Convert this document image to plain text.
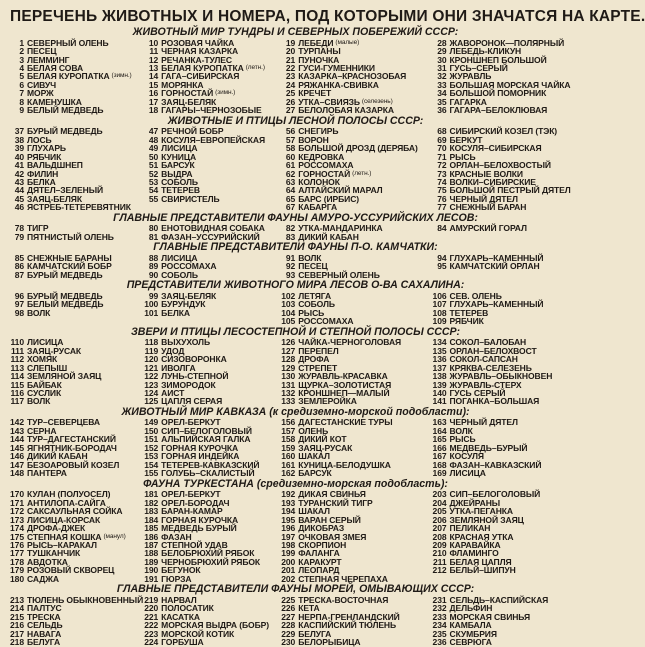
ПЕРЕЧЕНЬ ЖИВОТНЫХ И НОМЕРА, ПОД КОТОРЫМИ ОНИ ЗНАЧАТСЯ НА КАРТЕ.
ЖИВОТНЫЙ МИР ТУНДРЫ И СЕВЕРНЫХ ПОБЕРЕЖИЙ СССР:
1 СЕВЕРНЫЙ ОЛЕНЬ
2 ПЕСЕЦ
3 ЛЕММИНГ
4 БЕЛАЯ СОВА
5 БЕЛАЯ КУРОПАТКА (зимн.)
6 СИВУЧ
7 МОРЖ
8 КАМЕНУШКА
9 БЕЛЫЙ МЕДВЕДЬ
10 РОЗОВАЯ ЧАЙКА
11 ЧЕРНАЯ КАЗАРКА
12 РЕЧАНКА-ТУЛЕС
13 БЕЛАЯ КУРОПАТКА (летн.)
14 ГАГА–СИБИРСКАЯ
15 МОРЯНКА
16 ГОРНОСТАЙ (зимн.)
17 ЗАЯЦ-БЕЛЯК
18 ГАГАРЫ–ЧЕРНОЗОБЫЕ
19 ЛЕБЕДИ (малые)
20 ТУРПАНЫ
21 ПУНОЧКА
22 ГУСИ-ГУМЕННИКИ
23 КАЗАРКА–КРАСНОЗОБАЯ
24 РЯЖАНКА-СВИВКА
25 КРЕЧЕТ
26 УТКА–СВИЯЗЬ (селезень)
27 БЕЛОЛОБАЯ КАЗАРКА
28 ЖАВОРОНОК—ПОЛЯРНЫЙ
29 ЛЕБЕДЬ-КЛИКУН
30 КРОНШНЕП БОЛЬШОЙ
31 ГУСЬ–СЕРЫЙ
32 ЖУРАВЛЬ
33 БОЛЬШАЯ МОРСКАЯ ЧАЙКА
34 БОЛЬШОЙ ПОМОРНИК
35 ГАГАРКА
36 ГАГАРА–БЕЛОКЛЮВАЯ
ЖИВОТНЫЕ И ПТИЦЫ ЛЕСНОЙ ПОЛОСЫ СССР:
37 БУРЫЙ МЕДВЕДЬ
38 ЛОСЬ
39 ГЛУХАРЬ
40 РЯБЧИК
41 ВАЛЬДШНЕП
42 ФИЛИН
43 БЕЛКА
44 ДЯТЕЛ–ЗЕЛЕНЫЙ
45 ЗАЯЦ-БЕЛЯК
46 ЯСТРЕБ-ТЕТЕРЕВЯТНИК
47 РЕЧНОЙ БОБР
48 КОСУЛЯ–ЕВРОПЕЙСКАЯ
49 ЛИСИЦА
50 КУНИЦА
51 БАРСУК
52 ВЫДРА
53 СОБОЛЬ
54 ТЕТЕРЕВ
55 СВИРИСТЕЛЬ
56 СНЕГИРЬ
57 ВОРОН
58 БОЛЬШОЙ ДРОЗД (ДЕРЯБА)
60 КЕДРОВКА
61 РОССОМАХА
62 ГОРНОСТАЙ (летн.)
63 КОЛОНОК
64 АЛТАЙСКИЙ МАРАЛ
65 БАРС (ИРБИС)
67 КАБАРГА
68 СИБИРСКИЙ КОЗЕЛ (ТЭК)
69 БЕРКУТ
70 КОСУЛЯ–СИБИРСКАЯ
71 РЫСЬ
72 ОРЛАН–БЕЛОХВОСТЫЙ
73 КРАСНЫЕ ВОЛКИ
74 ВОЛКИ–СИБИРСКИЕ
75 БОЛЬШОЙ ПЕСТРЫЙ ДЯТЕЛ
76 ЧЕРНЫЙ ДЯТЕЛ
77 СНЕЖНЫЙ БАРАН
ГЛАВНЫЕ ПРЕДСТАВИТЕЛИ ФАУНЫ АМУРО-УССУРИЙСКИХ ЛЕСОВ:
78 ТИГР
79 ПЯТНИСТЫЙ ОЛЕНЬ
80 ЕНОТОВИДНАЯ СОБАКА
81 ФАЗАН–УССУРИЙСКИЙ
82 УТКА-МАНДАРИНКА
83 ДИКИЙ КАБАН
84 АМУРСКИЙ ГОРАЛ
ГЛАВНЫЕ ПРЕДСТАВИТЕЛИ ФАУНЫ П-О. КАМЧАТКИ:
85 СНЕЖНЫЕ БАРАНЫ
86 КАМЧАТСКИЙ БОБР
87 БУРЫЙ МЕДВЕДЬ
88 ЛИСИЦА
89 РОССОМАХА
90 СОБОЛЬ
91 ВОЛК
92 ПЕСЕЦ
93 СЕВЕРНЫЙ ОЛЕНЬ
94 ГЛУХАРЬ–КАМЕННЫЙ
95 КАМЧАТСКИЙ ОРЛАН
ПРЕДСТАВИТЕЛИ ЖИВОТНОГО МИРА ЛЕСОВ О-ВА САХАЛИНА:
96 БУРЫЙ МЕДВЕДЬ
97 БЕЛЫЙ МЕДВЕДЬ
98 ВОЛК
99 ЗАЯЦ-БЕЛЯК
100 БУРУНДУК
101 БЕЛКА
102 ЛЕТЯГА
103 СОБОЛЬ
104 РЫСЬ
105 РОССОМАХА
106 СЕВ. ОЛЕНЬ
107 ГЛУХАРЬ–КАМЕННЫЙ
108 ТЕТЕРЕВ
109 РЯБЧИК
ЗВЕРИ И ПТИЦЫ ЛЕСОСТЕПНОЙ И СТЕПНОЙ ПОЛОСЫ СССР:
110 ЛИСИЦА
111 ЗАЯЦ-РУСАК
112 ХОМЯК
113 СЛЕПЫШ
114 ЗЕМЛЯНОЙ ЗАЯЦ
115 БАЙБАК
116 СУСЛИК
117 ВОЛК
118 ВЫХУХОЛЬ
119 УДОД
120 СИЗОВОРОНКА
121 ИВОЛГА
122 ЛУНЬ-СТЕПНОЙ
123 ЗИМОРОДОК
124 АИСТ
125 ЦАПЛЯ СЕРАЯ
126 ЧАЙКА-ЧЕРНОГОЛОВАЯ
127 ПЕРЕПЕЛ
128 ДРОФА
129 СТРЕПЕТ
130 ЖУРАВЛЬ-КРАСАВКА
131 ЩУРКА–ЗОЛОТИСТАЯ
132 КРОНШНЕП—МАЛЫЙ
133 ЗЕМЛЕРОЙКА
134 СОКОЛ–БАЛОБАН
135 ОРЛАН–БЕЛОХВОСТ
136 СОКОЛ-САПСАН
137 КРЯКВА-СЕЛЕЗЕНЬ
138 ЖУРАВЛЬ–ОБЫКНОВЕН
139 ЖУРАВЛЬ-СТЕРХ
140 ГУСЬ СЕРЫЙ
141 ПОГАНКА–БОЛЬШАЯ
ЖИВОТНЫЙ МИР КАВКАЗА (к средиземно-морской подобласти):
142 ТУР–СЕВЕРЦЕВА
143 СЕРНА
144 ТУР–ДАГЕСТАНСКИЙ
145 ЯГНЯТНИК-БОРОДАЧ
146 ДИКИЙ КАБАН
147 БЕЗОАРОВЫЙ КОЗЕЛ
148 ПАНТЕРА
149 ОРЕЛ-БЕРКУТ
150 СИП–БЕЛОГОЛОВЫЙ
151 АЛЬПИЙСКАЯ ГАЛКА
152 ГОРНАЯ КУРОЧКА
153 ГОРНАЯ ИНДЕЙКА
154 ТЕТЕРЕВ-КАВКАЗСКИЙ
155 ГОЛУБЬ–СКАЛИСТЫЙ
156 ДАГЕСТАНСКИЕ ТУРЫ
157 ОЛЕНЬ
158 ДИКИЙ КОТ
159 ЗАЯЦ-РУСАК
160 ШАКАЛ
161 КУНИЦА-БЕЛОДУШКА
162 БАРСУК
163 ЧЕРНЫЙ ДЯТЕЛ
164 ВОЛК
165 РЫСЬ
166 МЕДВЕДЬ–БУРЫЙ
167 КОСУЛЯ
168 ФАЗАН–КАВКАЗСКИЙ
169 ЛИСИЦА
ФАУНА ТУРКЕСТАНА (средиземно-морская подобласть):
170 КУЛАН (ПОЛУОСЕЛ)
171 АНТИЛОПА-САЙГА
172 САКСАУЛЬНАЯ СОЙКА
173 ЛИСИЦА-КОРСАК
174 ДРОФА-ДЖЕК
175 СТЕПНАЯ КОШКА (манул)
176 РЫСЬ–КАРАКАЛ
177 ТУШКАНЧИК
178 АВДОТКА
179 РОЗОВЫЙ СКВОРЕЦ
180 САДЖА
181 ОРЕЛ-БЕРКУТ
182 ОРЕЛ-БОРОДАЧ
183 БАРАН-КАМАР
184 ГОРНАЯ КУРОЧКА
185 МЕДВЕДЬ БУРЫЙ
186 ФАЗАН
187 СТЕПНОЙ УДАВ
188 БЕЛОБРЮХИЙ РЯБОК
189 ЧЕРНОБРЮХИЙ РЯБОК
190 БЕГУНОК
191 ГЮРЗА
192 ДИКАЯ СВИНЬЯ
193 ТУРАНСКИЙ ТИГР
194 ШАКАЛ
195 ВАРАН СЕРЫЙ
196 ДИКОБРАЗ
197 ОЧКОВАЯ ЗМЕЯ
198 СКОРПИОН
199 ФАЛАНГА
200 КАРАКУРТ
201 ЛЕОПАРД
202 СТЕПНАЯ ЧЕРЕПАХА
203 СИП–БЕЛОГОЛОВЫЙ
204 ДЖЕЙРАНЫ
205 УТКА-ПЕГАНКА
206 ЗЕМЛЯНОЙ ЗАЯЦ
207 ПЕЛИКАН
208 КРАСНАЯ УТКА
209 КАРАВАЙКА
210 ФЛАМИНГО
211 БЕЛАЯ ЦАПЛЯ
212 БЕЛЬЙ–ШИПУН
ГЛАВНЫЕ ПРЕДСТАВИТЕЛИ ФАУНЫ МОРЕЙ, ОМЫВАЮЩИХ СССР:
213 ТЮЛЕНЬ ОБЫКНОВЕННЫЙ
214 ПАЛТУС
215 ТРЕСКА
216 СЕЛЬДЬ
217 НАВАГА
218 БЕЛУГА
219 НАРВАЛ
220 ПОЛОСАТИК
221 КАСАТКА
222 МОРСКАЯ ВЫДРА (БОБР)
223 МОРСКОЙ КОТИК
224 ГОРБУША
225 ТРЕСКА-ВОСТОЧНАЯ
226 КЕТА
227 НЕРПА-ГРЕНЛАНДСКИЙ
228 КАСПИЙСКИЙ ТЮЛЕНЬ
229 БЕЛУГА
230 БЕЛОРЫБИЦА
231 СЕЛЬДЬ–КАСПИЙСКАЯ
232 ДЕЛЬФИН
233 МОРСКАЯ СВИНЬЯ
234 КАМБАЛА
235 СКУМБРИЯ
236 СЕВРЮГА
